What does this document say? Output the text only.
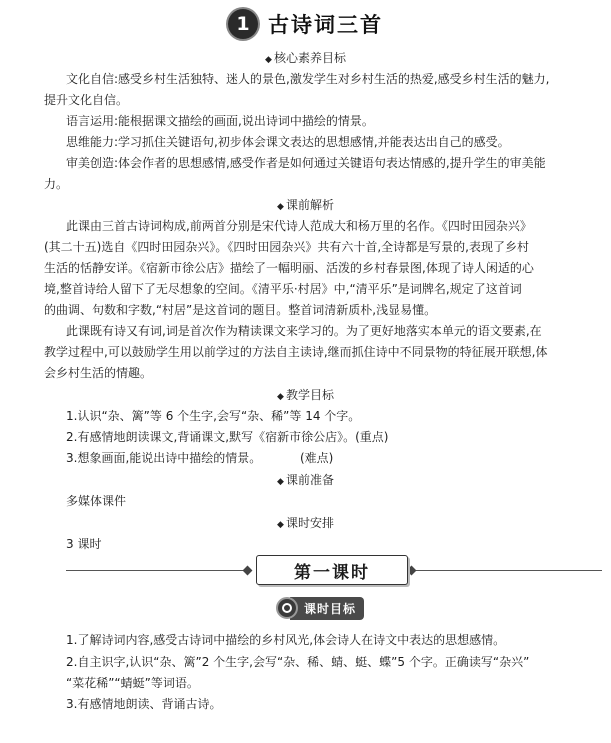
1 古诗词三首
◆ 核心素养目标
文化自信:感受乡村生活独特、迷人的景色,激发学生对乡村生活的热爱,感受乡村生活的魅力,
提升文化自信。
语言运用:能根据课文描绘的画面,说出诗词中描绘的情景。
思维能力:学习抓住关键语句,初步体会课文表达的思想感情,并能表达出自己的感受。
审美创造:体会作者的思想感情,感受作者是如何通过关键语句表达情感的,提升学生的审美能
力。
◆ 课前解析
此课由三首古诗词构成,前两首分别是宋代诗人范成大和杨万里的名作。《四时田园杂兴》
(其二十五)选自《四时田园杂兴》。《四时田园杂兴》共有六十首,全诗都是写景的,表现了乡村
生活的恬静安详。《宿新市徐公店》描绘了一幅明丽、活泼的乡村春景图,体现了诗人闲适的心
境,整首诗给人留下了无尽想象的空间。《清平乐·村居》中,“清平乐”是词牌名,规定了这首词
的曲调、句数和字数,“村居”是这首词的题目。整首词清新质朴,浅显易懂。
此课既有诗又有词,词是首次作为精读课文来学习的。为了更好地落实本单元的语文要素,在
教学过程中,可以鼓励学生用以前学过的方法自主读诗,继而抓住诗中不同景物的特征展开联想,体
会乡村生活的情趣。
◆ 教学目标
1.认识“杂、篱”等 6 个生字,会写“杂、稀”等 14 个字。
2.有感情地朗读课文,背诵课文,默写《宿新市徐公店》。(重点)
3.想象画面,能说出诗中描绘的情景。	(难点)
◆ 课前准备
多媒体课件
◆ 课时安排
3 课时
第一课时
课时目标
1.了解诗词内容,感受古诗词中描绘的乡村风光,体会诗人在诗文中表达的思想感情。
2.自主识字,认识“杂、篱”2 个生字,会写“杂、稀、蜻、蜓、蝶”5 个字。正确读写“杂兴”
“菜花稀”“蜻蜓”等词语。
3.有感情地朗读、背诵古诗。
